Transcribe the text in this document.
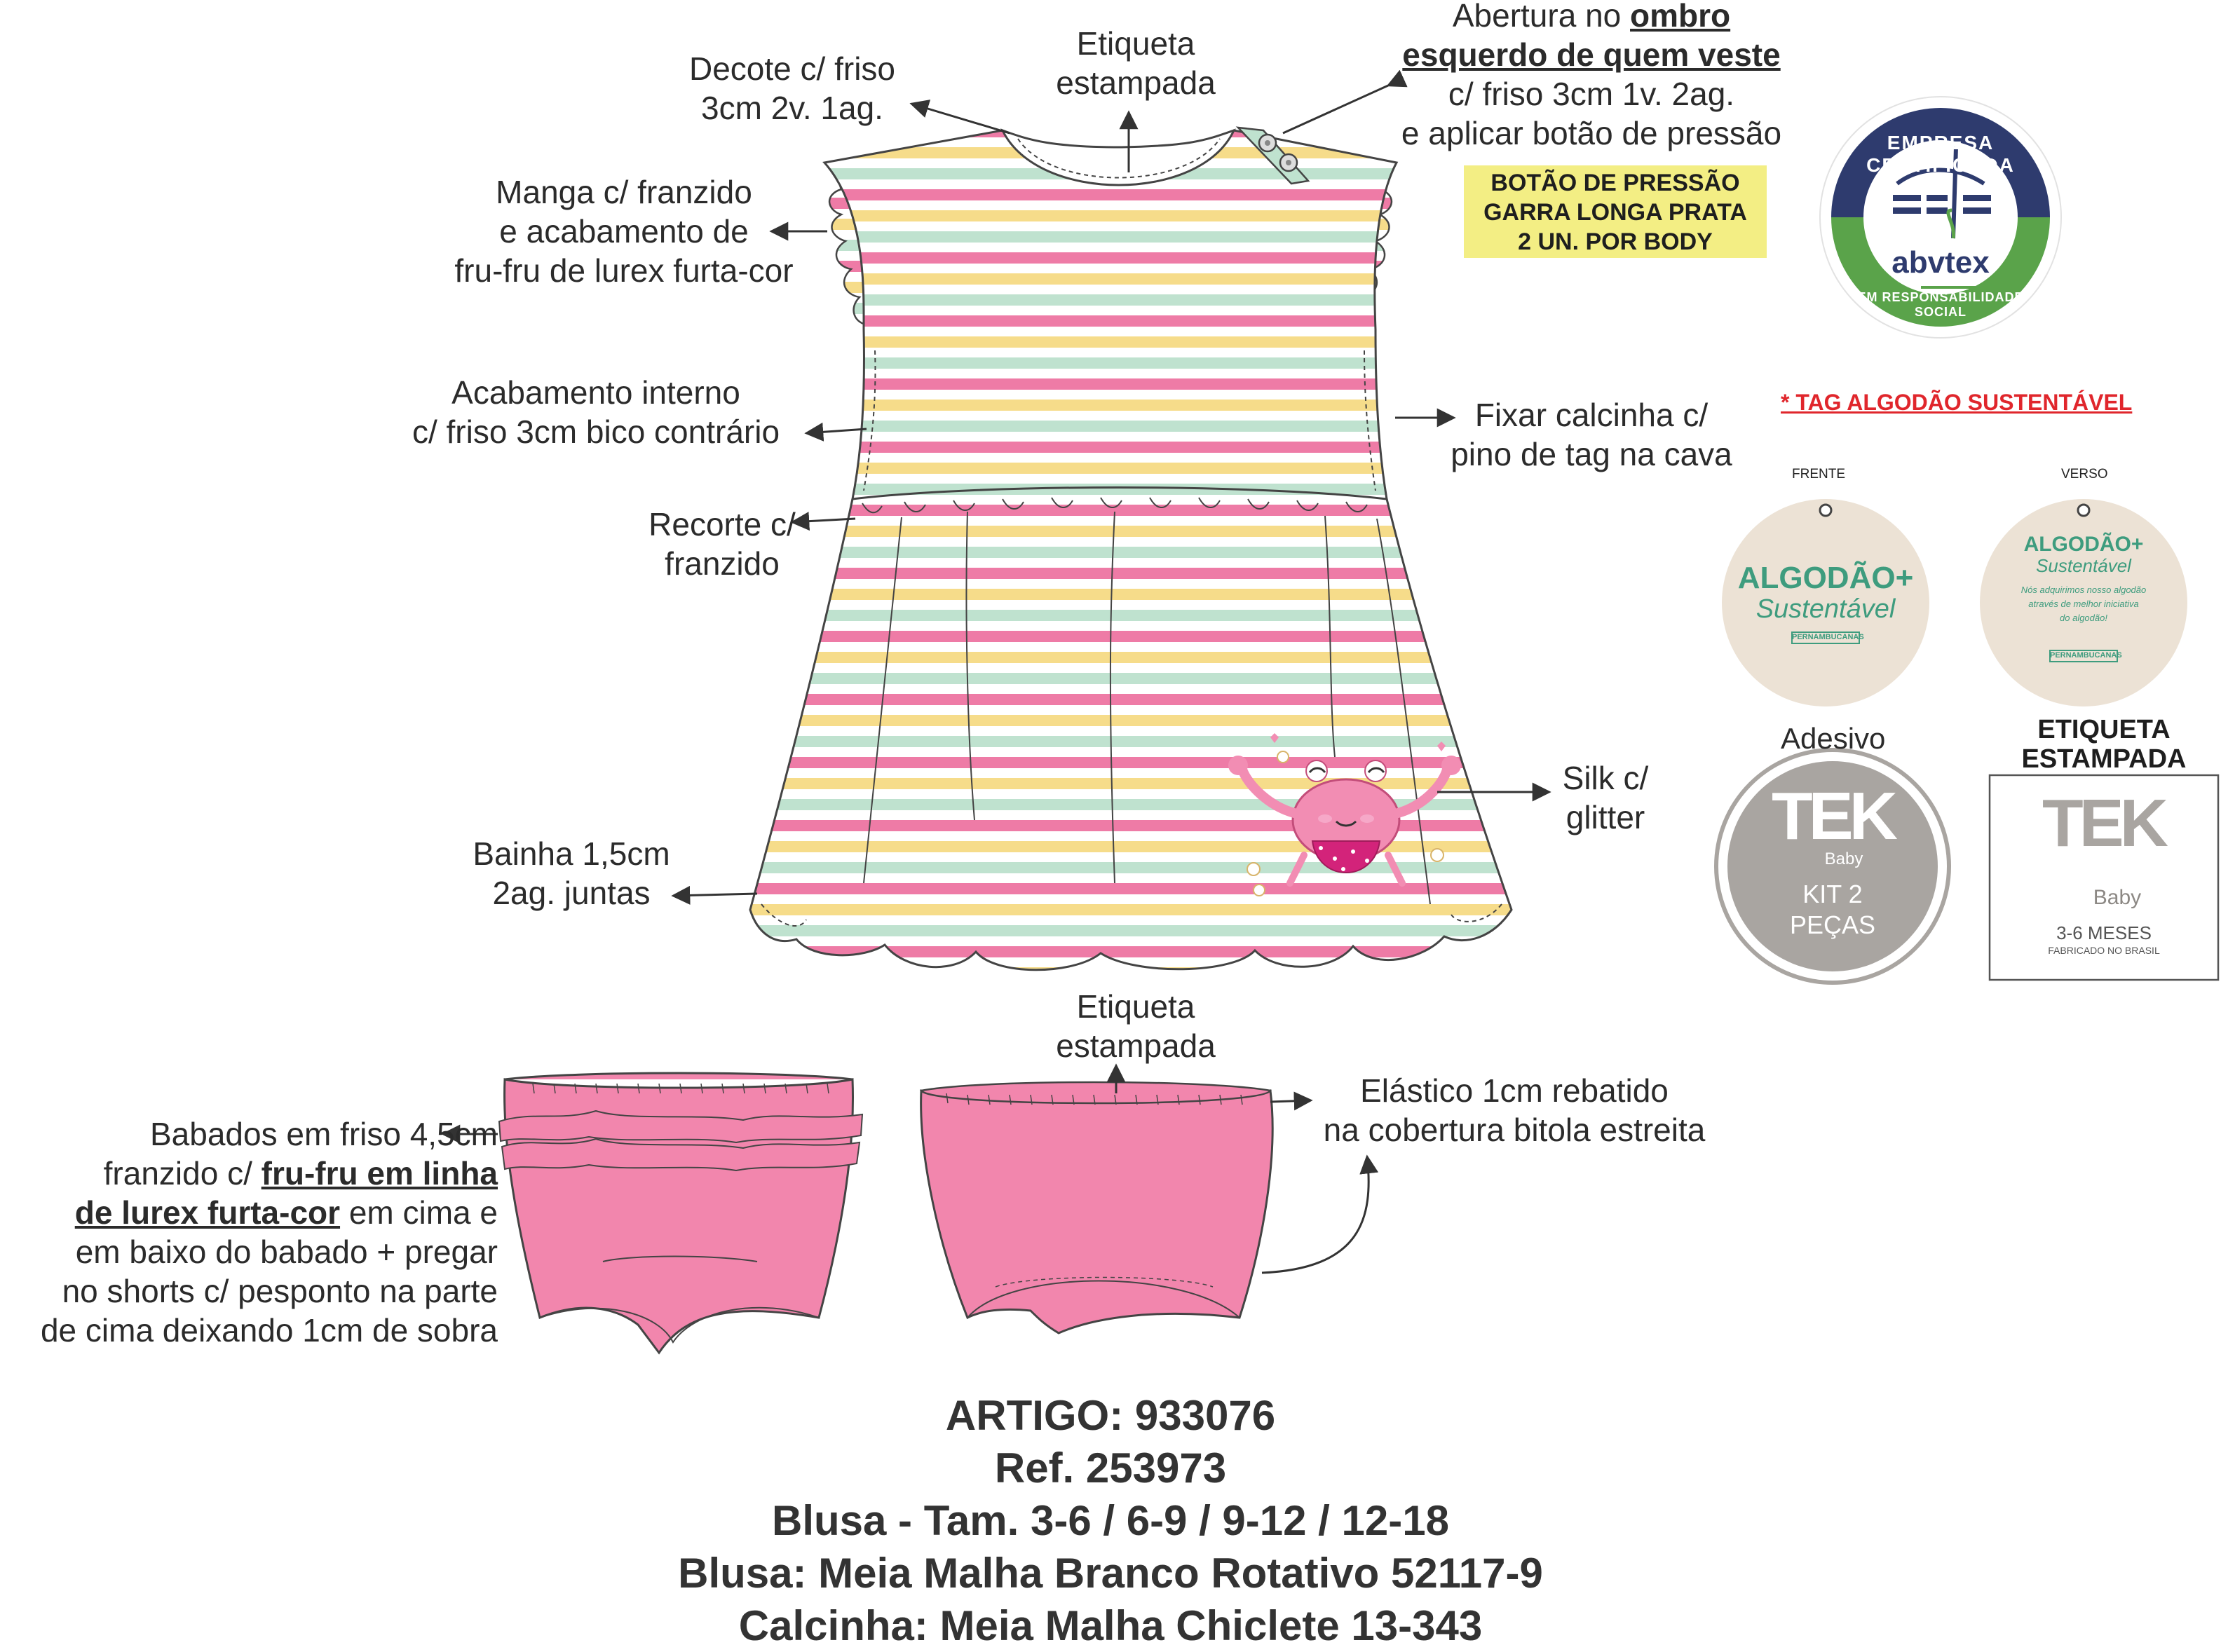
Etiqueta
estampada
Abertura no ombro
esquerdo de quem veste
c/ friso 3cm 1v. 2ag.
e aplicar botão de pressão
Decote c/ friso
3cm 2v. 1ag.
Manga c/ franzido
e acabamento de
fru-fru de lurex furta-cor
BOTÃO DE PRESSÃO
GARRA LONGA PRATA
2 UN. POR BODY
Acabamento interno
c/ friso 3cm bico contrário	Fixar calcinha c/
pino de tag na cava
Recorte c/
franzido
Silk c/
glitter
Bainha 1,5cm
2ag. juntas
Etiqueta
estampada
Elástico 1cm rebatido
na cobertura bitola estreita
Babados em friso 4,5cm
franzido c/ fru-fru em linha
de lurex furta-cor em cima e
em baixo do babado + pregar
no shorts c/ pesponto na parte
de cima deixando 1cm de sobra
EMPRESA CERTIFICADA
abvtex
EM RESPONSABILIDADE SOCIAL
* TAG ALGODÃO SUSTENTÁVEL
FRENTE	VERSO
ALGODÃO+
Sustentável
PERNAMBUCANAS
ALGODÃO+
Sustentável
Nós adquirimos nosso algodão
através de melhor iniciativa
do algodão!
PERNAMBUCANAS
Adesivo
TEK
Baby
KIT 2
PEÇAS
ETIQUETA
ESTAMPADA
TEK
Baby
3-6 MESES
FABRICADO NO BRASIL
ARTIGO: 933076
Ref. 253973
Blusa - Tam. 3-6 / 6-9 / 9-12 / 12-18
Blusa: Meia Malha Branco Rotativo 52117-9
Calcinha: Meia Malha Chiclete 13-343
